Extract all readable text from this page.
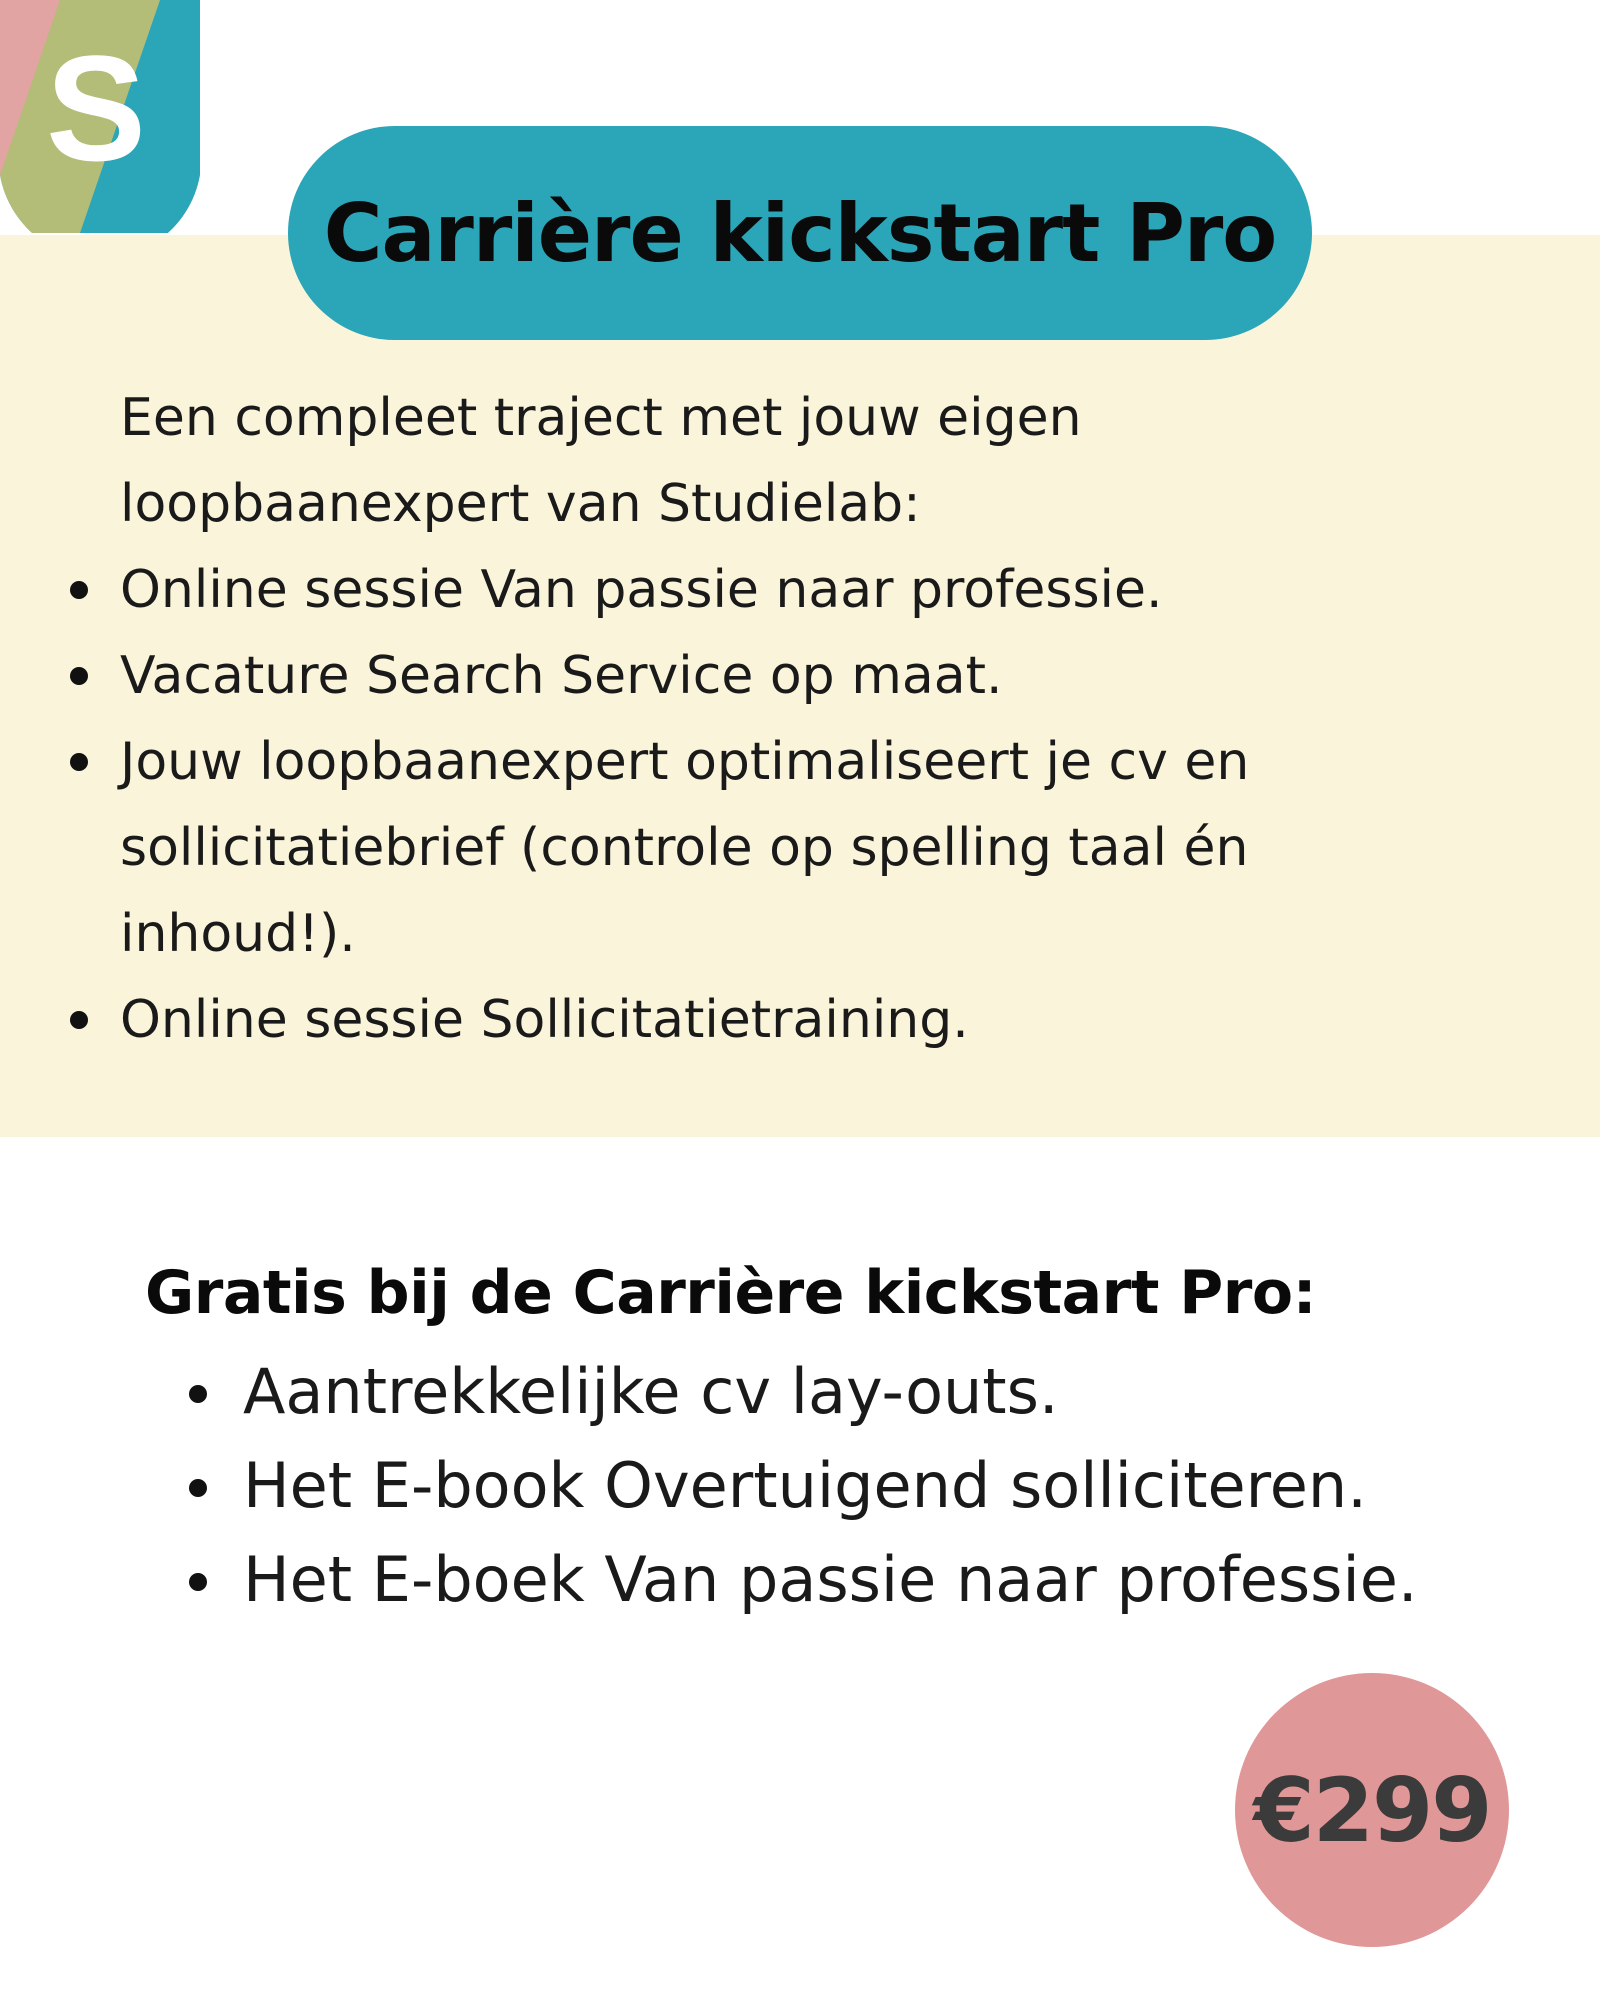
S
Carrière kickstart Pro

Een compleet traject met jouw eigen loopbaanexpert van Studielab:

Online sessie Van passie naar professie.
Vacature Search Service op maat.
Jouw loopbaanexpert optimaliseert je cv en sollicitatiebrief (controle op spelling taal én inhoud!).
Online sessie Sollicitatietraining.
Gratis bij de Carrière kickstart Pro:
Aantrekkelijke cv lay-outs.
Het E-book Overtuigend solliciteren.
Het E-boek Van passie naar professie.
€299
